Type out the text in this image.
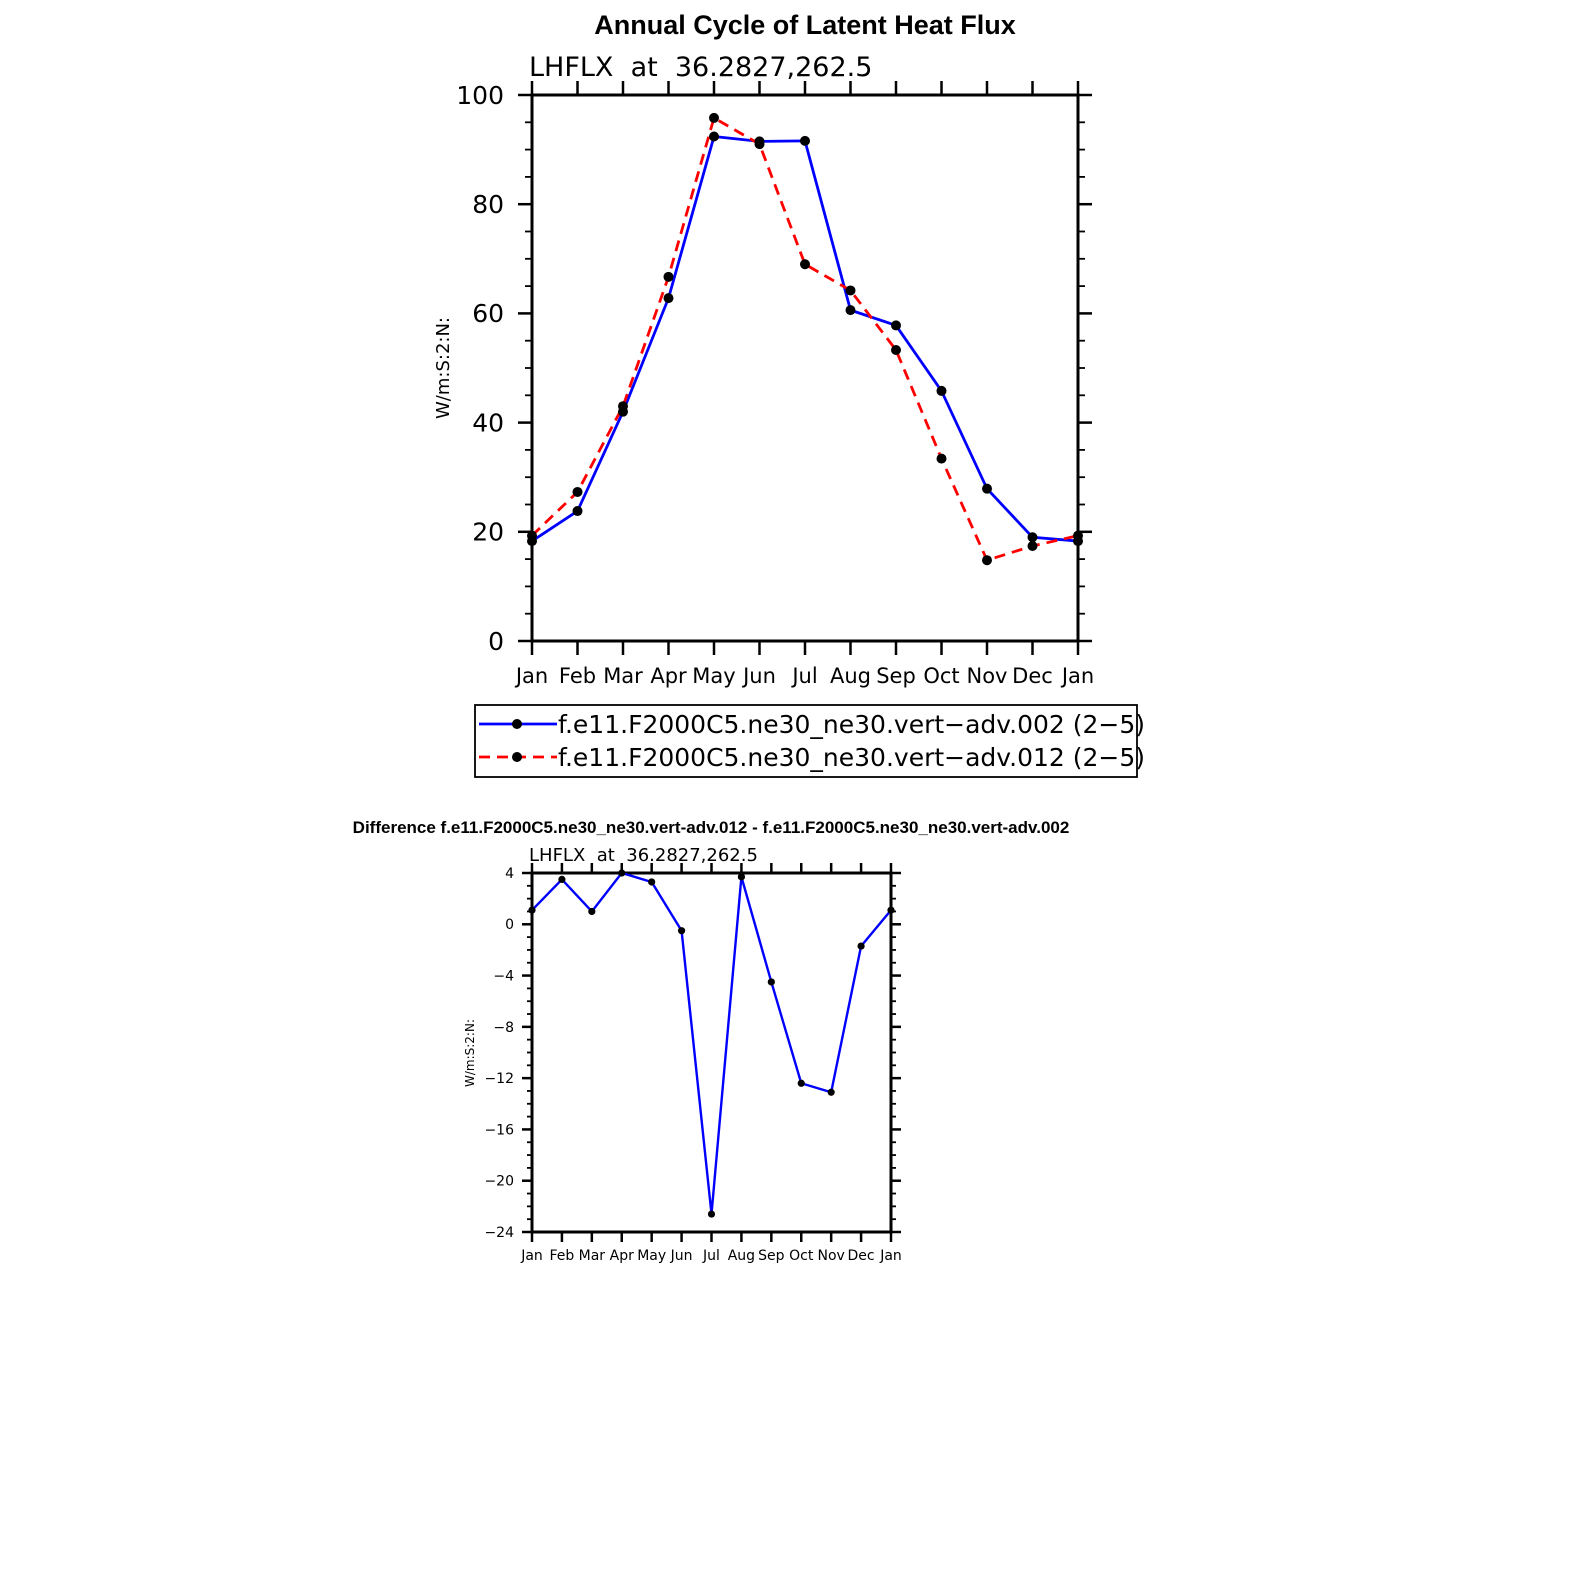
Annual Cycle of Latent Heat Flux
LHFLX  at  36.2827,262.5
W/m:S:2:N:
Jan Feb Mar Apr May Jun Jul Aug Sep Oct Nov Dec Jan
0
20
40
60
80
100
f.e11.F2000C5.ne30_ne30.vert−adv.002 (2−5)
f.e11.F2000C5.ne30_ne30.vert−adv.012 (2−5)
Difference f.e11.F2000C5.ne30_ne30.vert-adv.012 - f.e11.F2000C5.ne30_ne30.vert-adv.002
LHFLX  at  36.2827,262.5
W/m:S:2:N:
Jan Feb Mar Apr May Jun Jul Aug Sep Oct Nov Dec Jan
−24
−20
−16
−12
−8
−4
0
4
